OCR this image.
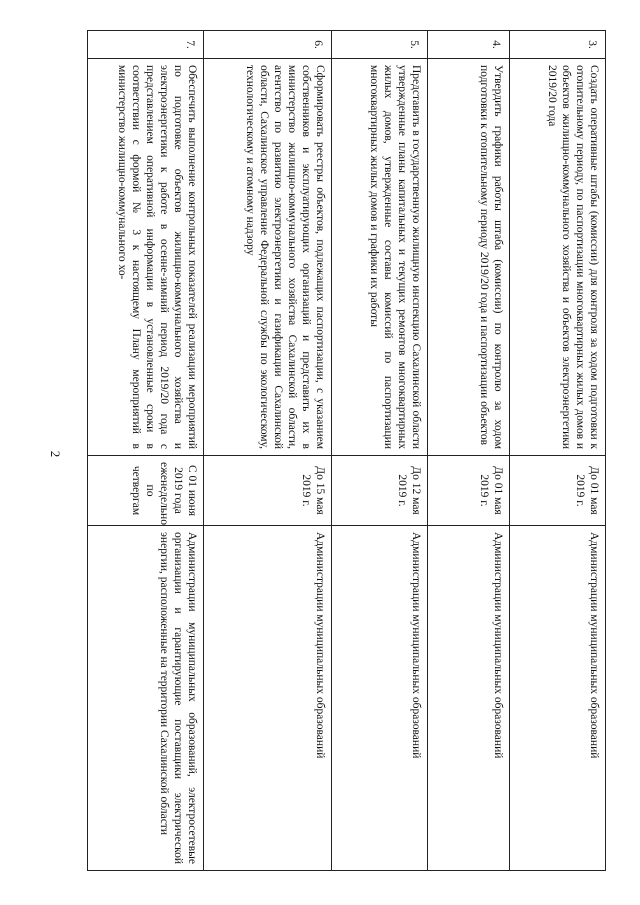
2
3.	Создать оперативные штабы (комиссии) для контроля за ходом подготовки к отопительному периоду, по паспортизации многоквартирных жилых домов и объектов жилищно-коммунального хозяйства и объектов электроэнергетики 2019/20 года	До 01 мая 2019 г.	Администрации муниципальных образований
4.	Утвердить графики работы штаба (комиссии) по контролю за ходом подготовки к отопительному периоду 2019/20 года и паспортизации объектов	До 01 мая 2019 г.	Администрации муниципальных образований
5.	Представить в государственную жилищную инспекцию Сахалинской области утвержденные планы капитальных и текущих ремонтов многоквартирных жилых домов, утвержденные составы комиссий по паспортизации многоквартирных жилых домов и графики их работы	До 12 мая 2019 г.	Администрации муниципальных образований
6.	Сформировать реестры объектов, подлежащих паспортизации, с указанием собственников и эксплуатирующих организаций и представить их в министерство жилищно-коммунального хозяйства Сахалинской области, агентство по развитию электроэнергетики и газификации Сахалинской области, Сахалинское управление Федеральной службы по экологическому, технологическому и атомному надзору	До 15 мая 2019 г.	Администрации муниципальных образований
7.	Обеспечить выполнение контрольных показателей реализации мероприятий по подготовке объектов жилищно-коммунального хозяйства и электроэнергетики к работе в осенне-зимний период 2019/20 года с представлением оперативной информации в установленные сроки в соответствии с формой № 3 к настоящему Плану мероприятий в министерство жилищно-коммунального хо-	С 01 июня 2019 года еженедельно по четвергам	Администрации муниципальных образований, электросетевые организации и гарантирующие поставщики электрической энергии, расположенные на территории Сахалинской области
